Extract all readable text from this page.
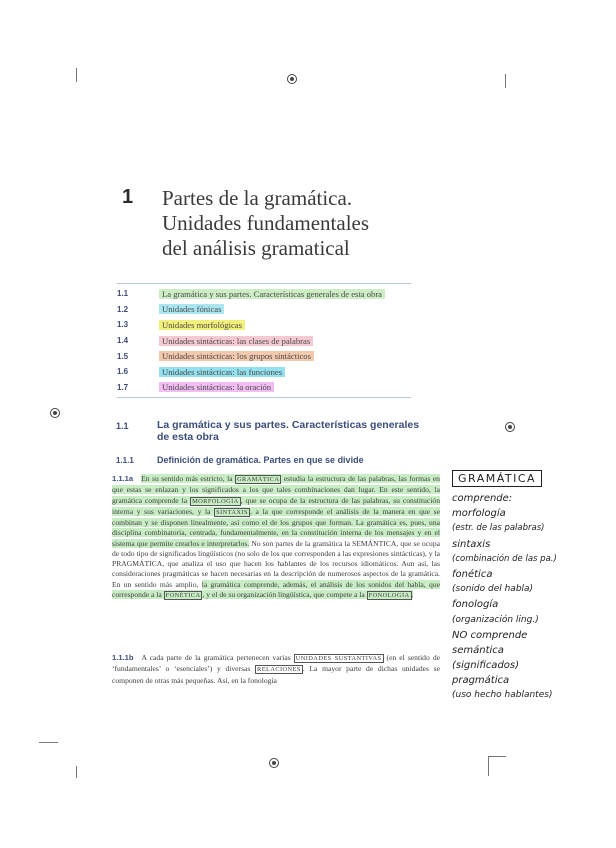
1 Partes de la gramática.
Unidades fundamentales
del análisis gramatical
1.1	La gramática y sus partes. Características generales de esta obra
1.2	Unidades fónicas
1.3	Unidades morfológicas
1.4	Unidades sintácticas: las clases de palabras
1.5	Unidades sintácticas: los grupos sintácticos
1.6	Unidades sintácticas: las funciones
1.7	Unidades sintácticas: la oración
1.1	La gramática y sus partes. Características generales
de esta obra
1.1.1	Definición de gramática. Partes en que se divide

1.1.1a En su sentido más estricto, la GRAMÁTICA estudia la estructura de las palabras, las formas en que estas se enlazan y los significados a los que tales combinaciones dan lugar. En este sentido, la gramática comprende la MORFOLOGÍA , que se ocupa de la estructura de las palabras, su constitución interna y sus variaciones, y la SINTAXIS , a la que corresponde el análisis de la manera en que se combinan y se disponen linealmente, así como el de los grupos que forman. La gramática es, pues, una disciplina combinatoria, centrada, fundamentalmente, en la constitución interna de los mensajes y en el sistema que permite crearlos e interpretarlos. No son partes de la gramática la SEMÁNTICA, que se ocupa de todo tipo de significados lingüísticos (no solo de los que corresponden a las expresiones sintácticas), y la PRAGMÁTICA, que analiza el uso que hacen los hablantes de los recursos idiomáticos. Aun así, las consideraciones pragmáticas se hacen necesarias en la descripción de numerosos aspectos de la gramática. En un sentido más amplio, la gramática comprende, además, el análisis de los sonidos del habla, que corresponde a la FONÉTICA , y el de su organización lingüística, que compete a la FONOLOGÍA .

1.1.1b A cada parte de la gramática pertenecen varias UNIDADES SUSTANTIVAS (en el sentido de ‘fundamentales’ o ‘esenciales’) y diversas RELACIONES . La mayor parte de dichas unidades se componen de otras más pequeñas. Así, en la fonología

GRAMÁTICA
comprende:
morfología
(estr. de las palabras)
sintaxis
(combinación de las pa.)
fonética
(sonido del habla)
fonología
(organización ling.)
NO comprende
semántica
(significados)
pragmática
(uso hecho hablantes)
